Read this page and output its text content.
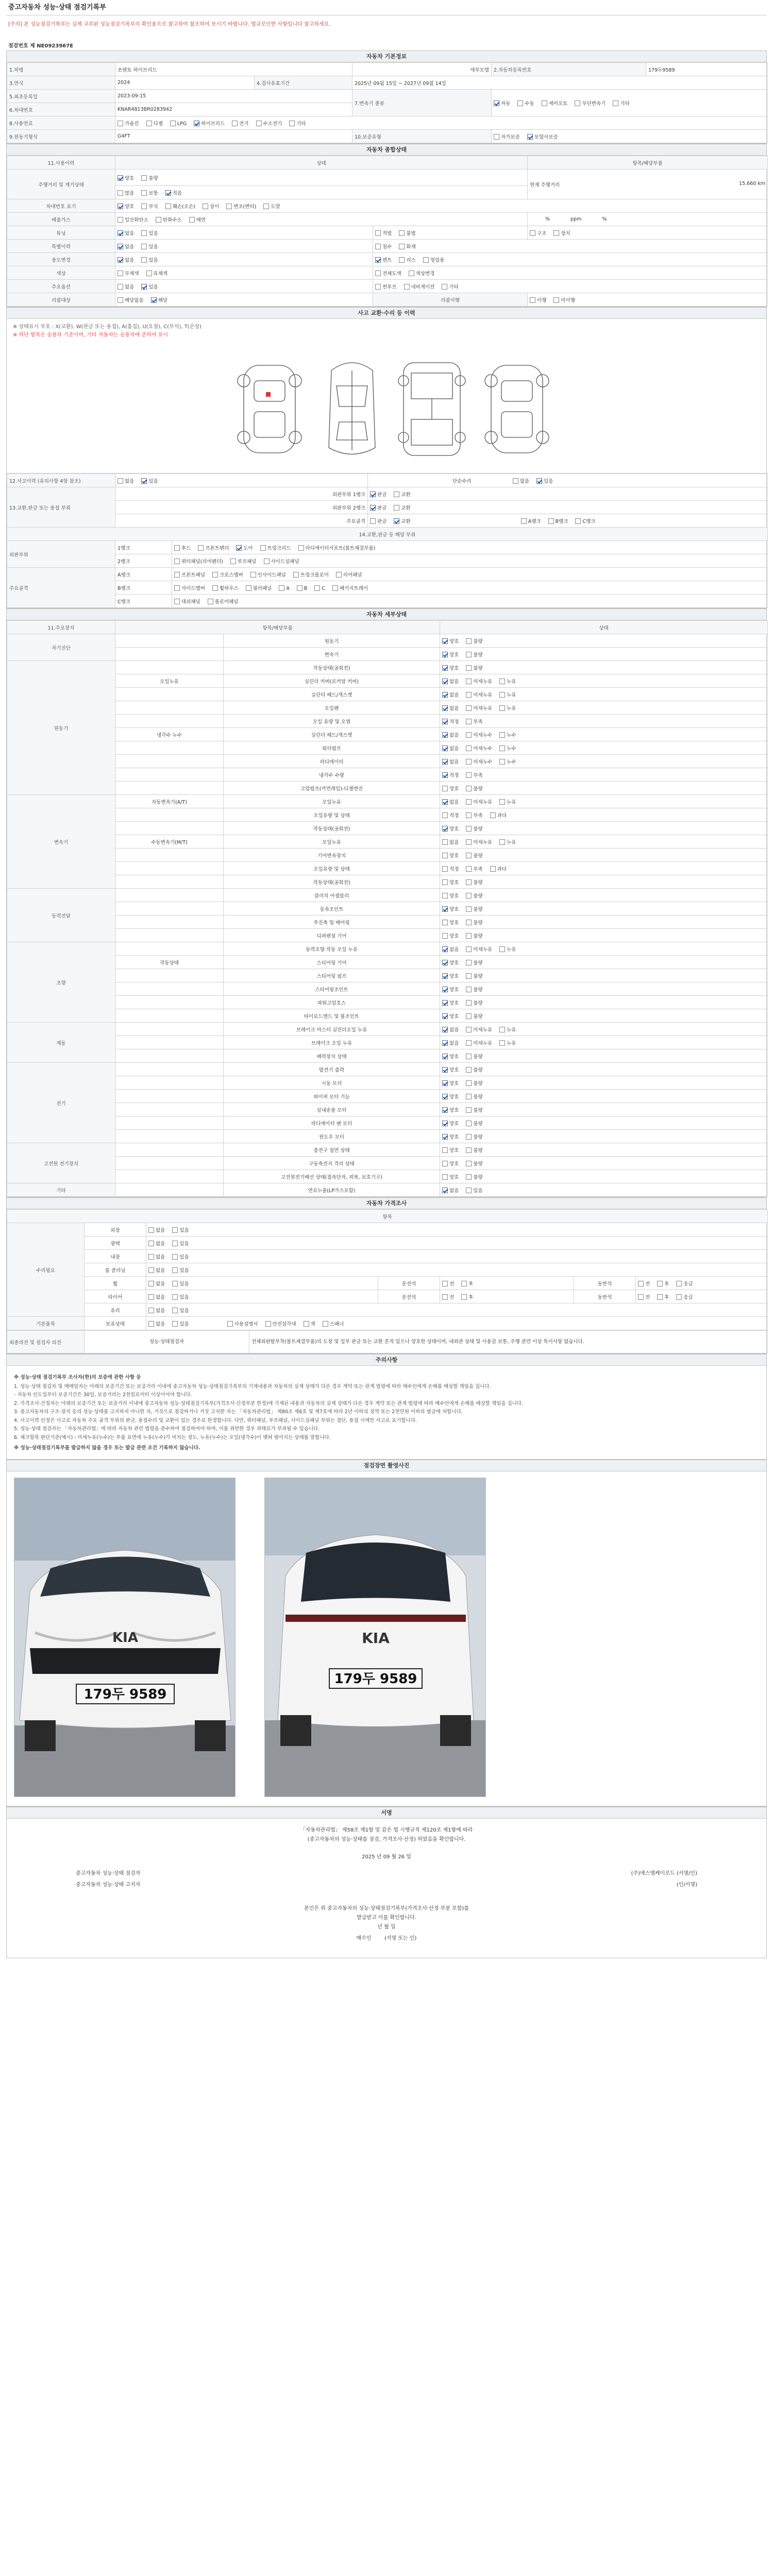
중고자동차 성능·상태 점검기록부
[주의] 본 성능점검기록부는 실제 교부된 성능점검기록부의 확인용으로 참고하여 참조하여 보시기 바랍니다. 법규로인한 사항입니다 참고하세요.
점검번호 제 NE0923967E
자동차 기본정보
1.차명	쏘렌토 하이브리드		세부모델	2.자동차등록번호	179두9589
3.연식	2024	4.검사유효기간	2025년 09월 15일 ~ 2027년 09월 14일		
5.최초등록일	2023-09-15		7.변속기 종류	자동 수동 세미오토 무단변속기 기타	
6.차대번호	KNAR4813BR0283942				
8.사용연료	가솔린 디젤 LPG 하이브리드 전기 수소전기 기타				
9.원동기형식	G4FT		10.보증유형	자가보증 보험사보증	
자동차 종합상태
11.사용이력	상태		항목/해당부품
주행거리 및 계기상태	양호 불량		현재 주행거리 15,660 km

	많음 보통 적음		
차대번호 표기	양호 부식 훼손(오손) 상이 변조(변타) 도말		
배출가스	일산화탄소 탄화수소 매연		% ppm %
튜닝	없음 있음	적법 불법	구조 장치
특별이력	없음 있음	침수 화재	
용도변경	없음 있음	렌트 리스 영업용	
색상	무채색 유채색	전체도색 색상변경	
주요옵션	없음 있음	썬루프 네비게이션 기타	
리콜대상	해당없음 해당	리콜이행	이행 미이행
사고 교환·수리 등 이력
※ 상태표시 부호 : X(교환), W(판금 또는 용접), A(흠집), U(요철), C(부식), T(손상)
※ 하단 항목은 승용차 기준이며, 기타 자동차는 승용차에 준하여 표시
12.사고이력 (유의사항 4항 참조)	없음 있음		단순수리 없음 있음
13.교환,판금 또는 용접 부위	외판부위 1랭크		판금 교환
	외판부위 2랭크		판금 교환
	주요골격		판금 교환 A랭크 B랭크 C랭크
14.교환,판금 등 해당 부위			
외판부위	1랭크	후드 프론트펜더 도어 트렁크리드 라디에이터서포트(볼트체결부품)	
	2랭크	쿼터패널(리어펜더) 루프패널 사이드실패널	
주요골격	A랭크	프론트패널 크로스멤버 인사이드패널 트렁크플로어 리어패널	
	B랭크	사이드멤버 휠하우스 필러패널 A B C 패키지트레이	
	C랭크	대쉬패널 플로어패널	
자동차 세부상태
11.주요장치	항목/해당부품		상태
자기진단		원동기	양호 불량
		변속기	양호 불량
원동기		작동상태(공회전)	양호 불량
	오일누유	실린더 커버(로커암 커버)	없음 미세누유 누유
		실린더 헤드/개스켓	없음 미세누유 누유
		오일팬	없음 미세누유 누유
		오일 유량 및 오염	적정 부족
	냉각수 누수	실린더 헤드/개스켓	없음 미세누수 누수
		워터펌프	없음 미세누수 누수
		라디에이터	없음 미세누수 누수
		냉각수 수량	적정 부족
		고압펌프(커먼레일)-디젤엔진	양호 불량
변속기	자동변속기(A/T)	오일누유	없음 미세누유 누유
		오일유량 및 상태	적정 부족 과다
		작동상태(공회전)	양호 불량
	수동변속기(M/T)	오일누유	없음 미세누유 누유
		기어변속장치	양호 불량
		오일유량 및 상태	적정 부족 과다
		작동상태(공회전)	양호 불량
동력전달		클러치 어셈블리	양호 불량
		등속조인트	양호 불량
		추진축 및 베어링	양호 불량
		디퍼렌셜 기어	양호 불량
조향		동력조향 작동 오일 누유	없음 미세누유 누유
	작동상태	스티어링 기어	양호 불량
		스티어링 펌프	양호 불량
		스티어링조인트	양호 불량
		파워고압호스	양호 불량
		타이로드엔드 및 볼조인트	양호 불량
제동		브레이크 마스터 실린더오일 누유	없음 미세누유 누유
		브레이크 오일 누유	없음 미세누유 누유
		배력장치 상태	양호 불량
전기		발전기 출력	양호 불량
		시동 모터	양호 불량
		와이퍼 모터 기능	양호 불량
		실내송풍 모터	양호 불량
		라디에이터 팬 모터	양호 불량
		윈도우 모터	양호 불량
고전원 전기장치		충전구 절연 상태	양호 불량
		구동축전지 격리 상태	양호 불량
		고전원전기배선 상태(접속단자, 피복, 보호기구)	양호 불량
기타		연료누출(LP가스포함)	없음 있음
자동차 가격조사
항목						
수리필요	외장	없음 있음				
	광택	없음 있음				
	내장	없음 있음				
	룸 클리닝	없음 있음				
	휠	없음 있음	운전석	전 후	동반석	전 후 응급
	타이어	없음 있음	운전석	전 후	동반석	전 후 응급
	유리	없음 있음				
기본품목	보유상태	없음 있음 사용설명서 안전삼각대 잭 스패너				
최종의견 및 점검자 의견	성능·상태점검자	전체외판탈부착(볼트체결부품)의 도장 및 일부 판금 또는 교환 흔적 있으나 양호한 상태이며, 내외관 상태 및 사용감 보통, 주행 관련 이상 특이사항 없습니다.
주의사항

※ 성능·상태 점검기록부 조사자(한)의 보증에 관한 사항 등

1. 성능·상태 점검자 및 매매업자는 아래의 보증기간 또는 보증거리 이내에 중고자동차 성능·상태점검기록부의 기재내용과 자동차의 실제 상태가 다른 경우 계약 또는 관계 법령에 따라 매수인에게 손해를 배상할 책임을 집니다.

- 자동차 인도일부터 보증기간은 30일, 보증거리는 2천킬로미터 이상이어야 합니다.

2. 가격조사·산정자는 아래의 보증기간 또는 보증거리 이내에 중고자동차 성능·상태점검기록부(가격조사·산정부분 한정)에 기재된 내용과 자동차의 실제 상태가 다른 경우 계약 또는 관계 법령에 따라 매수인에게 손해를 배상할 책임을 집니다.

3. 중고자동차의 구조·장치 등의 성능·상태를 고지하지 아니한 자, 거짓으로 점검하거나 거짓 고지한 자는 「자동차관리법」 제80조 제6호 및 제7호에 따라 2년 이하의 징역 또는 2천만원 이하의 벌금에 처합니다.

4. 사고이력 인정은 사고로 자동차 주요 골격 부위의 판금, 용접수리 및 교환이 있는 경우로 한정합니다. 다만, 쿼터패널, 루프패널, 사이드실패널 부위는 절단, 용접 시에만 사고로 표기합니다.

5. 성능·상태 점검자는 「자동차관리법」에 따라 자동차 관련 법령을 준수하여 점검하여야 하며, 이를 위반한 경우 과태료가 부과될 수 있습니다.

6. 체크항목 판단기준(예시) : 미세누유(누수)는 부품 표면에 누유(누수)가 비치는 정도, 누유(누수)는 오일(냉각수)이 맺혀 떨어지는 상태를 말합니다.

※ 성능·상태점검기록부를 발급하지 않을 경우 또는 발급 관련 조건 기록하지 않습니다.

점검장면 촬영사진
KIA
179두 9589
KIA
179두 9589
서명
「자동차관리법」 제58조 제1항 및 같은 법 시행규칙 제120조 제1항에 따라
(중고자동차의 성능·상태를 점검, 가격조사·산정) 하였음을 확인합니다.
2025 년 09 월 26 일
중고자동차 성능·상태 점검자	(주)에스엠케이로드 (서명/인)
중고자동차 성능·상태 고지자	(인/서명)
본인은 위 중고자동차의 성능·상태점검기록부(가격조사·산정 부분 포함)를
발급받고 이를 확인합니다.
년 월 일
매수인	(서명 또는 인)
